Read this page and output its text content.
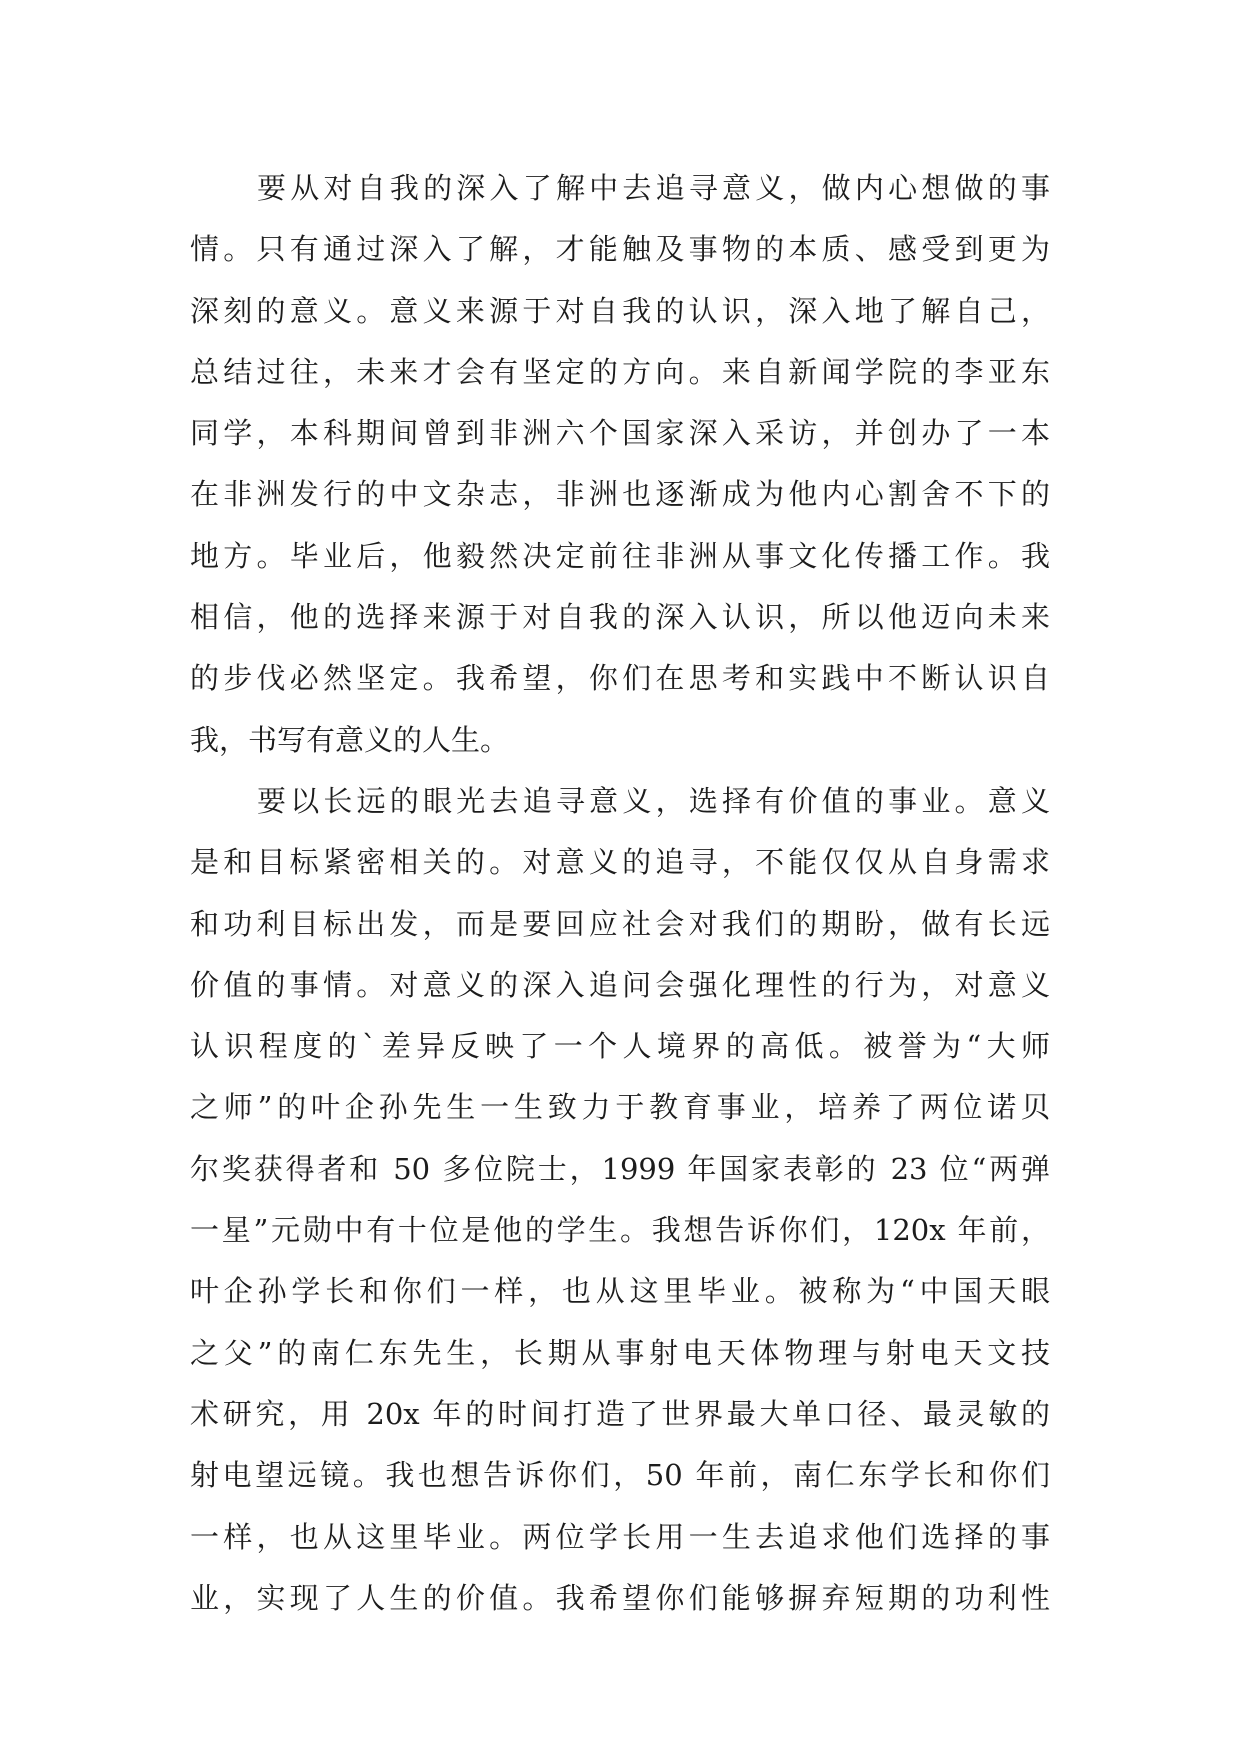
要从对自我的深入了解中去追寻意义，做内心想做的事
情。只有通过深入了解，才能触及事物的本质、感受到更为
深刻的意义。意义来源于对自我的认识，深入地了解自己，
总结过往，未来才会有坚定的方向。来自新闻学院的李亚东
同学，本科期间曾到非洲六个国家深入采访，并创办了一本
在非洲发行的中文杂志，非洲也逐渐成为他内心割舍不下的
地方。毕业后，他毅然决定前往非洲从事文化传播工作。我
相信，他的选择来源于对自我的深入认识，所以他迈向未来
的步伐必然坚定。我希望，你们在思考和实践中不断认识自
我，书写有意义的人生。
要以长远的眼光去追寻意义，选择有价值的事业。意义
是和目标紧密相关的。对意义的追寻，不能仅仅从自身需求
和功利目标出发，而是要回应社会对我们的期盼，做有长远
价值的事情。对意义的深入追问会强化理性的行为，对意义
认识程度的`差异反映了一个人境界的高低。被誉为“大师
之师”的叶企孙先生一生致力于教育事业，培养了两位诺贝
尔奖获得者和 50 多位院士，1999 年国家表彰的 23 位“两弹
一星”元勋中有十位是他的学生。我想告诉你们，120x 年前，
叶企孙学长和你们一样，也从这里毕业。被称为“中国天眼
之父”的南仁东先生，长期从事射电天体物理与射电天文技
术研究，用 20x 年的时间打造了世界最大单口径、最灵敏的
射电望远镜。我也想告诉你们，50 年前，南仁东学长和你们
一样，也从这里毕业。两位学长用一生去追求他们选择的事
业，实现了人生的价值。我希望你们能够摒弃短期的功利性
